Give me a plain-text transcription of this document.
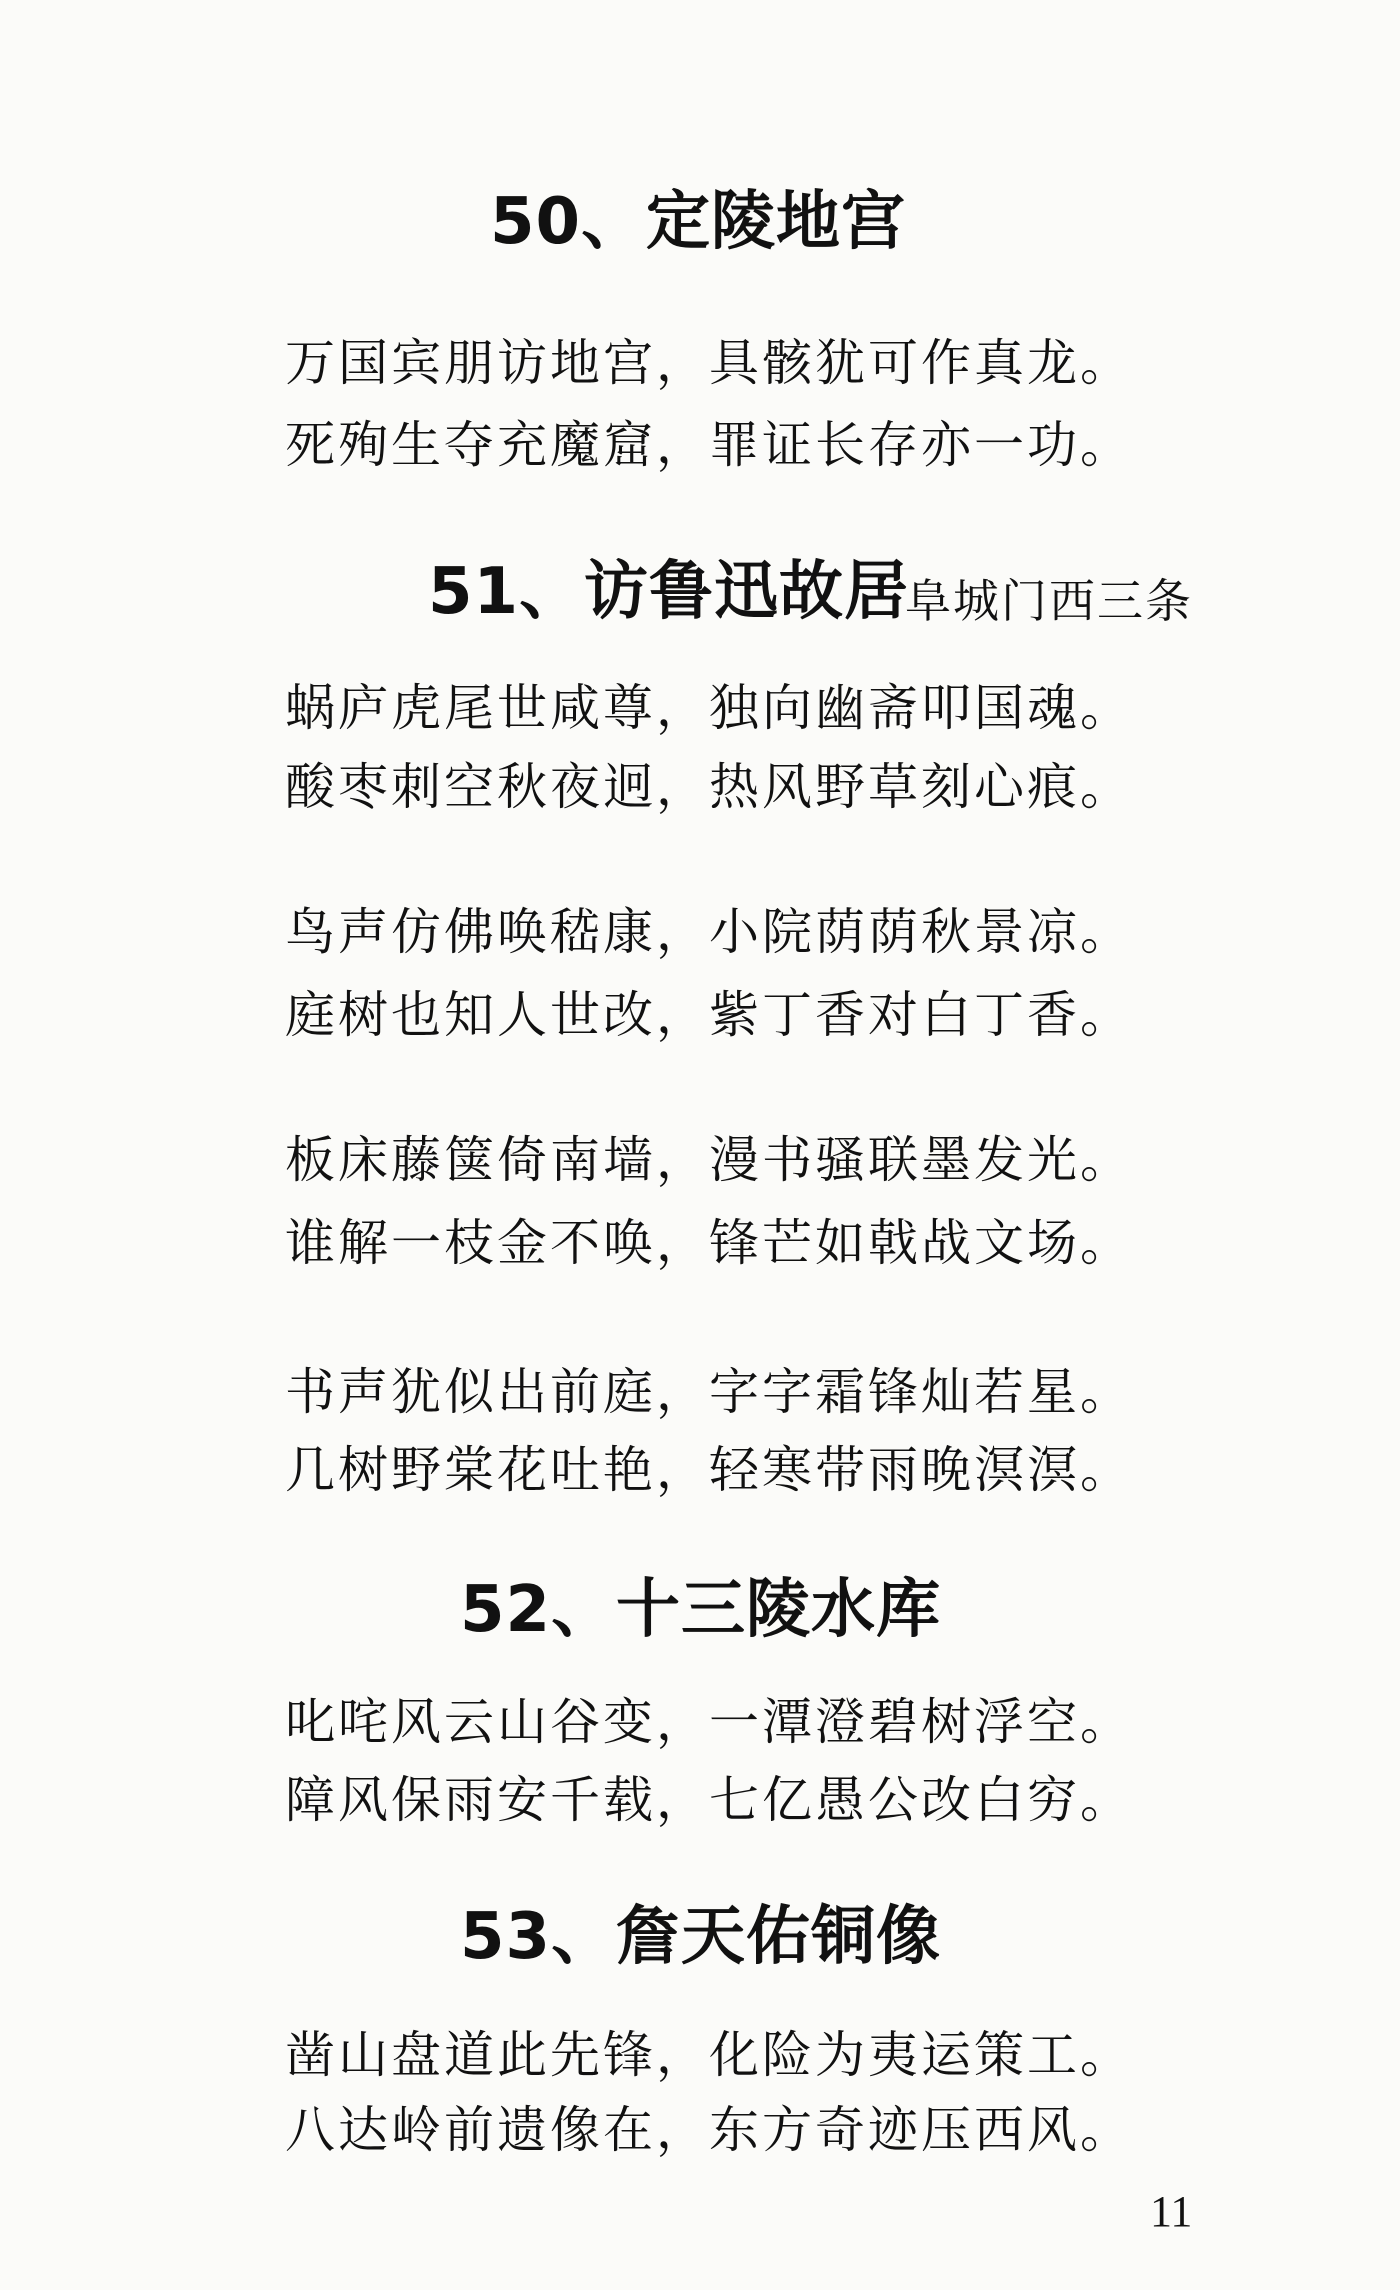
50、定陵地宫
万国宾朋访地宫，具骸犹可作真龙。
死殉生夺充魔窟，罪证长存亦一功。
51、访鲁迅故居
阜城门西三条
蜗庐虎尾世咸尊，独向幽斋叩国魂。
酸枣刺空秋夜迥，热风野草刻心痕。
鸟声仿佛唤嵇康，小院荫荫秋景凉。
庭树也知人世改，紫丁香对白丁香。
板床藤箧倚南墙，漫书骚联墨发光。
谁解一枝金不唤，锋芒如戟战文场。
书声犹似出前庭，字字霜锋灿若星。
几树野棠花吐艳，轻寒带雨晚溟溟。
52、十三陵水库
叱咤风云山谷变，一潭澄碧树浮空。
障风保雨安千载，七亿愚公改白穷。
53、詹天佑铜像
凿山盘道此先锋，化险为夷运策工。
八达岭前遗像在，东方奇迹压西风。
11
